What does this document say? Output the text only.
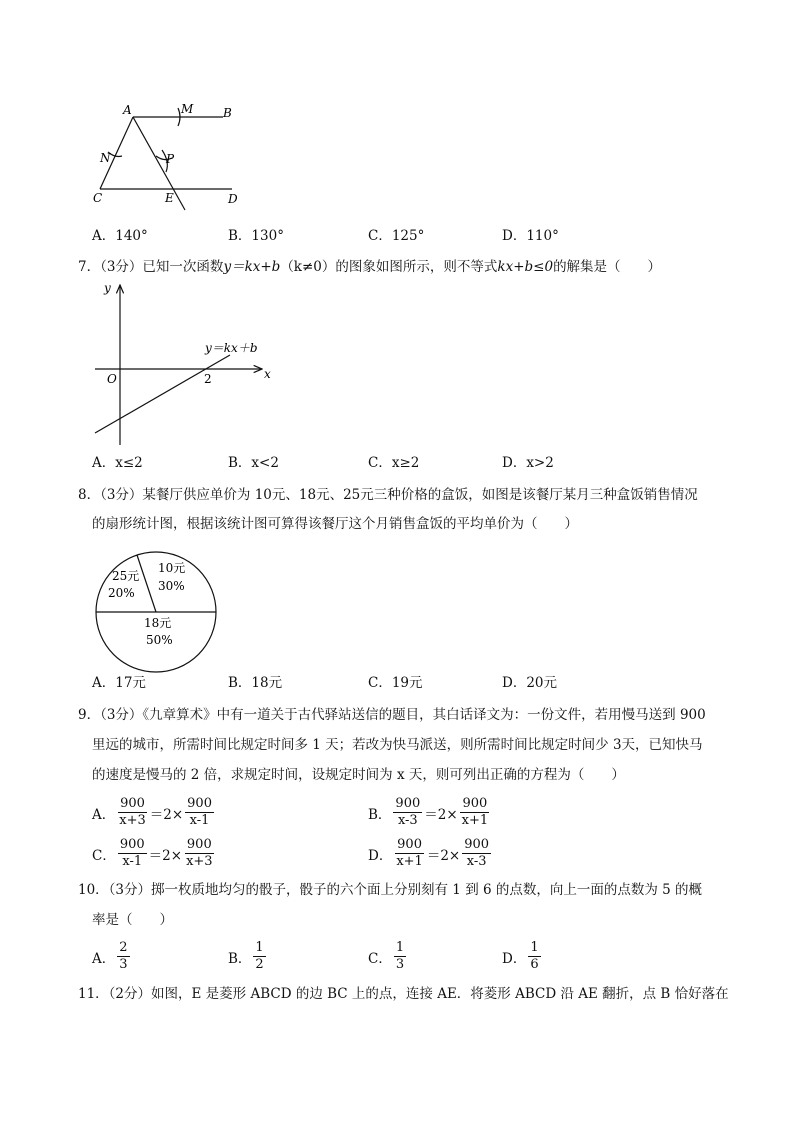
A	M B
N	P
C	E	D
A．140°	B．130°	C．125°	D．110°
7．（3分）已知一次函数y＝kx+b（k≠0）的图象如图所示，则不等式kx+b≤0的解集是（　　）
y
x
O	2
y＝kx＋b
A．x≤2	B．x<2	C．x≥2	D．x>2
8．（3分）某餐厅供应单价为 10元、18元、25元三种价格的盒饭，如图是该餐厅某月三种盒饭销售情况
的扇形统计图，根据该统计图可算得该餐厅这个月销售盒饭的平均单价为（　　）
25元
20%
10元
30%
18元
50%
A．17元	B．18元	C．19元	D．20元
9．（3分）《九章算术》中有一道关于古代驿站送信的题目，其白话译文为：一份文件，若用慢马送到 900
里远的城市，所需时间比规定时间多 1 天；若改为快马派送，则所需时间比规定时间少 3天，已知快马
的速度是慢马的 2 倍，求规定时间，设规定时间为 x 天，则可列出正确的方程为（　　）
A． $\frac{900}{x+3} =2\times \frac{900}{x-1}$	B． $\frac{900}{x-3} =2\times \frac{900}{x+1}$
C． $\frac{900}{x-1} =2\times \frac{900}{x+3}$	D． $\frac{900}{x+1} =2\times \frac{900}{x-3}$
10．（3分）掷一枚质地均匀的骰子，骰子的六个面上分别刻有 1 到 6 的点数，向上一面的点数为 5 的概
率是（　　）
A． $\frac{2}{3}$	B． $\frac{1}{2}$	C． $\frac{1}{3}$	D． $\frac{1}{6}$
11．（2分）如图，E 是菱形 ABCD 的边 BC 上的点，连接 AE．将菱形 ABCD 沿 AE 翻折，点 B 恰好落在
